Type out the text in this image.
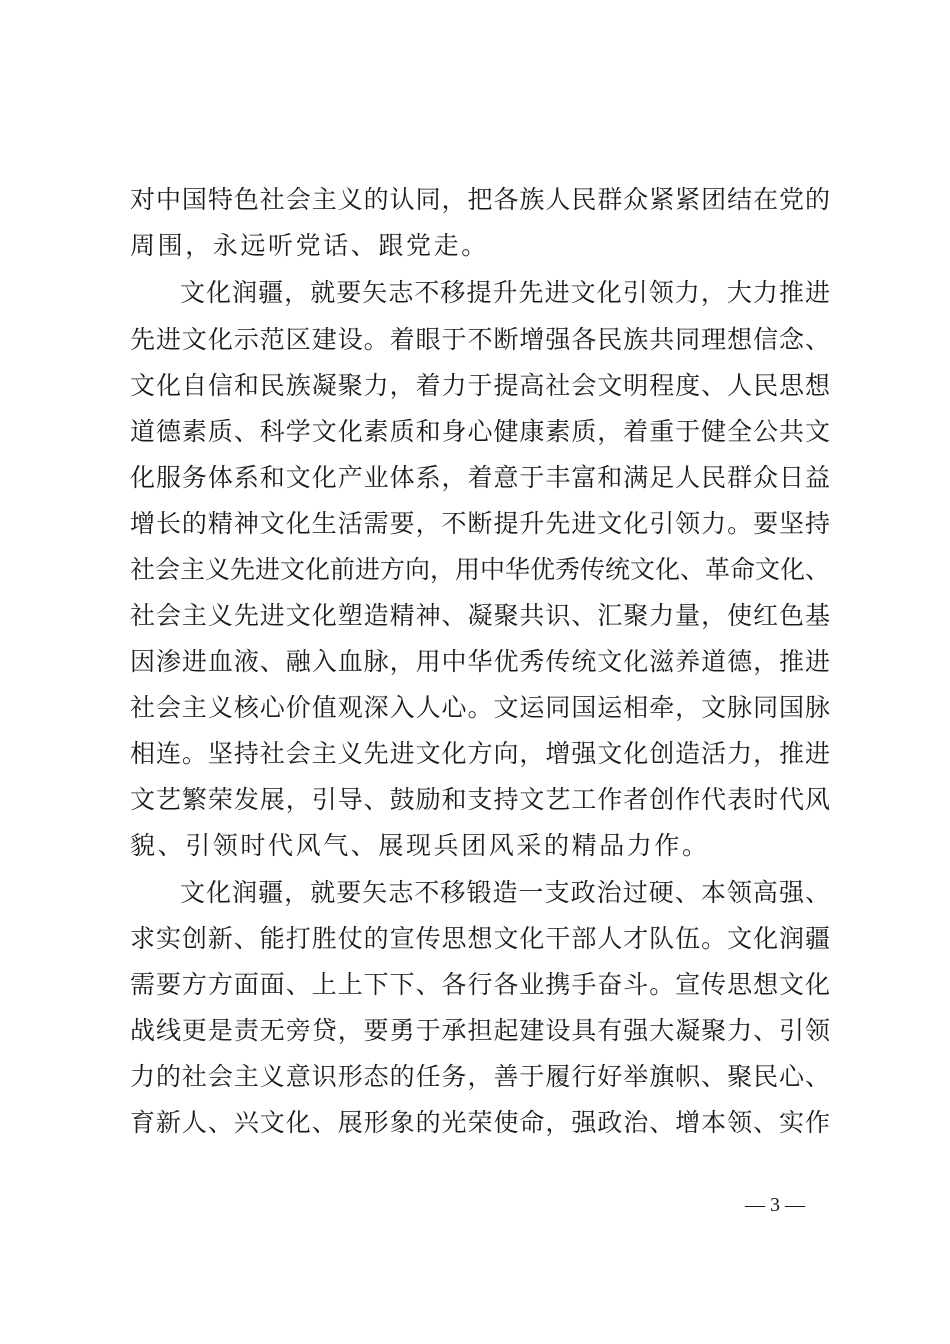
对中国特色社会主义的认同，把各族人民群众紧紧团结在党的
周围，永远听党话、跟党走。
文化润疆，就要矢志不移提升先进文化引领力，大力推进
先进文化示范区建设。着眼于不断增强各民族共同理想信念、
文化自信和民族凝聚力，着力于提高社会文明程度、人民思想
道德素质、科学文化素质和身心健康素质，着重于健全公共文
化服务体系和文化产业体系，着意于丰富和满足人民群众日益
增长的精神文化生活需要，不断提升先进文化引领力。要坚持
社会主义先进文化前进方向，用中华优秀传统文化、革命文化、
社会主义先进文化塑造精神、凝聚共识、汇聚力量，使红色基
因渗进血液、融入血脉，用中华优秀传统文化滋养道德，推进
社会主义核心价值观深入人心。文运同国运相牵，文脉同国脉
相连。坚持社会主义先进文化方向，增强文化创造活力，推进
文艺繁荣发展，引导、鼓励和支持文艺工作者创作代表时代风
貌、引领时代风气、展现兵团风采的精品力作。
文化润疆，就要矢志不移锻造一支政治过硬、本领高强、
求实创新、能打胜仗的宣传思想文化干部人才队伍。文化润疆
需要方方面面、上上下下、各行各业携手奋斗。宣传思想文化
战线更是责无旁贷，要勇于承担起建设具有强大凝聚力、引领
力的社会主义意识形态的任务，善于履行好举旗帜、聚民心、
育新人、兴文化、展形象的光荣使命，强政治、增本领、实作
— 3 —
